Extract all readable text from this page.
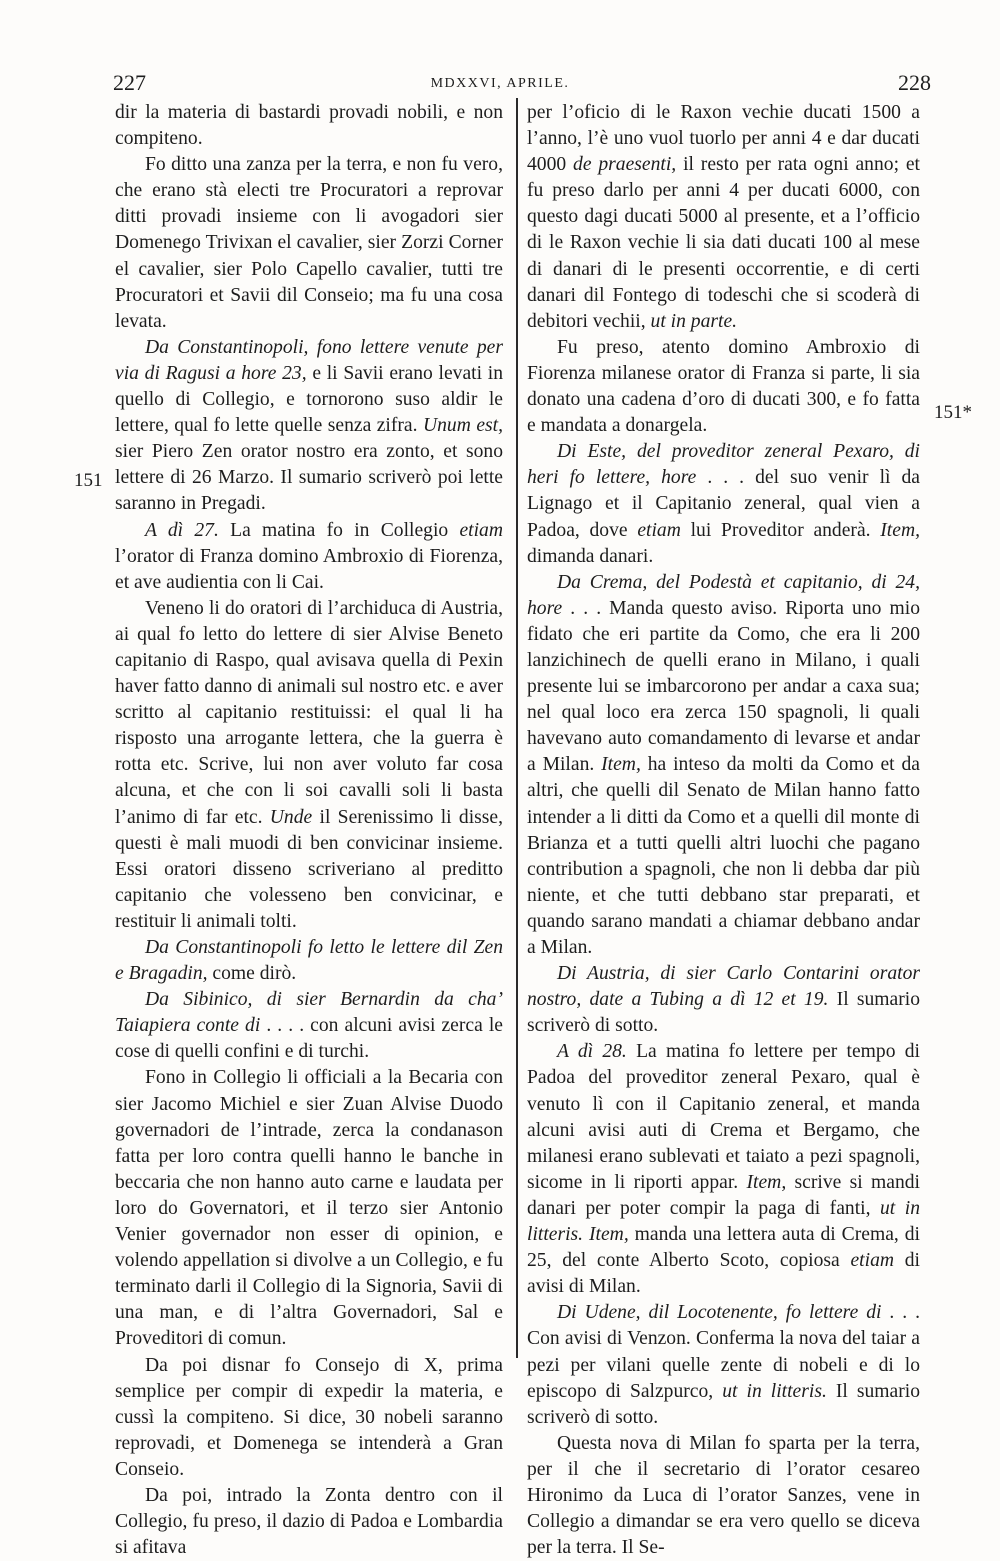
227	MDXXVI, APRILE.	228
151
151*

dir la materia di bastardi provadi nobili, e non compiteno.

Fo ditto una zanza per la terra, e non fu vero, che erano stà electi tre Procuratori a reprovar ditti provadi insieme con li avogadori sier Domenego Trivixan el cavalier, sier Zorzi Corner el cavalier, sier Polo Capello cavalier, tutti tre Procuratori et Savii dil Conseio; ma fu una cosa levata.

Da Constantinopoli, fono lettere venute per via di Ragusi a hore 23, e li Savii erano levati in quello di Collegio, e tornorono suso aldir le lettere, qual fo lette quelle senza zifra. Unum est, sier Piero Zen orator nostro era zonto, et sono lettere di 26 Marzo. Il sumario scriverò poi lette saranno in Pregadi.

A dì 27. La matina fo in Collegio etiam l’orator di Franza domino Ambroxio di Fiorenza, et ave audientia con li Cai.

Veneno li do oratori di l’archiduca di Austria, ai qual fo letto do lettere di sier Alvise Beneto capitanio di Raspo, qual avisava quella di Pexin haver fatto danno di animali sul nostro etc. e aver scritto al capitanio restituissi: el qual li ha risposto una arrogante lettera, che la guerra è rotta etc. Scrive, lui non aver voluto far cosa alcuna, et che con li soi cavalli soli li basta l’animo di far etc. Unde il Serenissimo li disse, questi è mali muodi di ben convicinar insieme. Essi oratori disseno scriveriano al preditto capitanio che volesseno ben convicinar, e restituir li animali tolti.

Da Constantinopoli fo letto le lettere dil Zen e Bragadin, come dirò.

Da Sibinico, di sier Bernardin da cha’ Taiapiera conte di . . . . con alcuni avisi zerca le cose di quelli confini e di turchi.

Fono in Collegio li officiali a la Becaria con sier Jacomo Michiel e sier Zuan Alvise Duodo governadori de l’intrade, zerca la condanason fatta per loro contra quelli hanno le banche in beccaria che non hanno auto carne e laudata per loro do Governatori, et il terzo sier Antonio Venier governador non esser di opinion, e volendo appellation si divolve a un Collegio, e fu terminato darli il Collegio di la Signoria, Savii di una man, e di l’altra Governadori, Sal e Proveditori di comun.

Da poi disnar fo Consejo di X, prima semplice per compir di expedir la materia, e cussì la compiteno. Si dice, 30 nobeli saranno reprovadi, et Domenega se intenderà a Gran Conseio.

Da poi, intrado la Zonta dentro con il Collegio, fu preso, il dazio di Padoa e Lombardia si afitava

per l’oficio di le Raxon vechie ducati 1500 a l’anno, l’è uno vuol tuorlo per anni 4 e dar ducati 4000 de praesenti, il resto per rata ogni anno; et fu preso darlo per anni 4 per ducati 6000, con questo dagi ducati 5000 al presente, et a l’officio di le Raxon vechie li sia dati ducati 100 al mese di danari di le presenti occorrentie, e di certi danari dil Fontego di todeschi che si scoderà di debitori vechii, ut in parte.

Fu preso, atento domino Ambroxio di Fiorenza milanese orator di Franza si parte, li sia donato una cadena d’oro di ducati 300, e fo fatta e mandata a donargela.

Di Este, del proveditor zeneral Pexaro, di heri fo lettere, hore . . . del suo venir lì da Lignago et il Capitanio zeneral, qual vien a Padoa, dove etiam lui Proveditor anderà. Item, dimanda danari.

Da Crema, del Podestà et capitanio, di 24, hore . . . Manda questo aviso. Riporta uno mio fidato che eri partite da Como, che era li 200 lanzichinech de quelli erano in Milano, i quali presente lui se imbarcorono per andar a caxa sua; nel qual loco era zerca 150 spagnoli, li quali havevano auto comandamento di levarse et andar a Milan. Item, ha inteso da molti da Como et da altri, che quelli dil Senato de Milan hanno fatto intender a li ditti da Como et a quelli dil monte di Brianza et a tutti quelli altri luochi che pagano contribution a spagnoli, che non li debba dar più niente, et che tutti debbano star preparati, et quando sarano mandati a chiamar debbano andar a Milan.

Di Austria, di sier Carlo Contarini orator nostro, date a Tubing a dì 12 et 19. Il sumario scriverò di sotto.

A dì 28. La matina fo lettere per tempo di Padoa del proveditor zeneral Pexaro, qual è venuto lì con il Capitanio zeneral, et manda alcuni avisi auti di Crema et Bergamo, che milanesi erano sublevati et taiato a pezi spagnoli, sicome in li riporti appar. Item, scrive si mandi danari per poter compir la paga di fanti, ut in litteris. Item, manda una lettera auta di Crema, di 25, del conte Alberto Scoto, copiosa etiam di avisi di Milan.

Di Udene, dil Locotenente, fo lettere di . . . Con avisi di Venzon. Conferma la nova del taiar a pezi per vilani quelle zente di nobeli e di lo episcopo di Salzpurco, ut in litteris. Il sumario scriverò di sotto.

Questa nova di Milan fo sparta per la terra, per il che il secretario di l’orator cesareo Hironimo da Luca di l’orator Sanzes, vene in Collegio a dimandar se era vero quello se diceva per la terra. Il Se-
